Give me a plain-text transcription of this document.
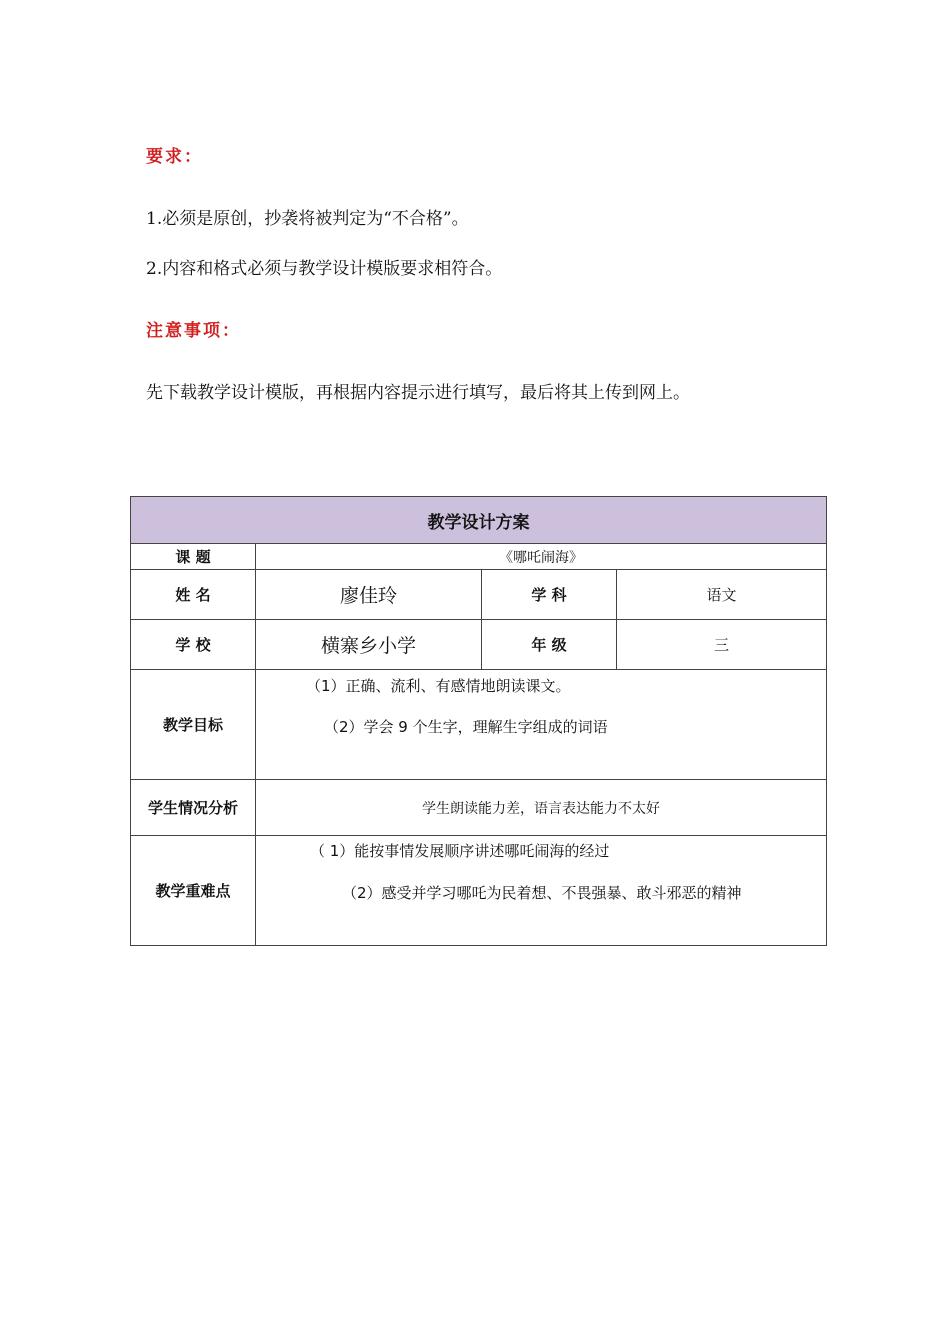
要求：
1.必须是原创，抄袭将被判定为“不合格”。
2.内容和格式必须与教学设计模版要求相符合。
注意事项：
先下载教学设计模版，再根据内容提示进行填写，最后将其上传到网上。
教学设计方案			
课 题	《哪吒闹海》		
姓 名	廖佳玲	学 科	语文
学 校	横寨乡小学	年 级	三
教学目标	（1）正确、流利、有感情地朗读课文。
（2）学会 9 个生字，理解生字组成的词语		

学生情况分析	学生朗读能力差，语言表达能力不太好		
教学重难点	（ 1）能按事情发展顺序讲述哪吒闹海的经过
（2）感受并学习哪吒为民着想、不畏强暴、敢斗邪恶的精神		
